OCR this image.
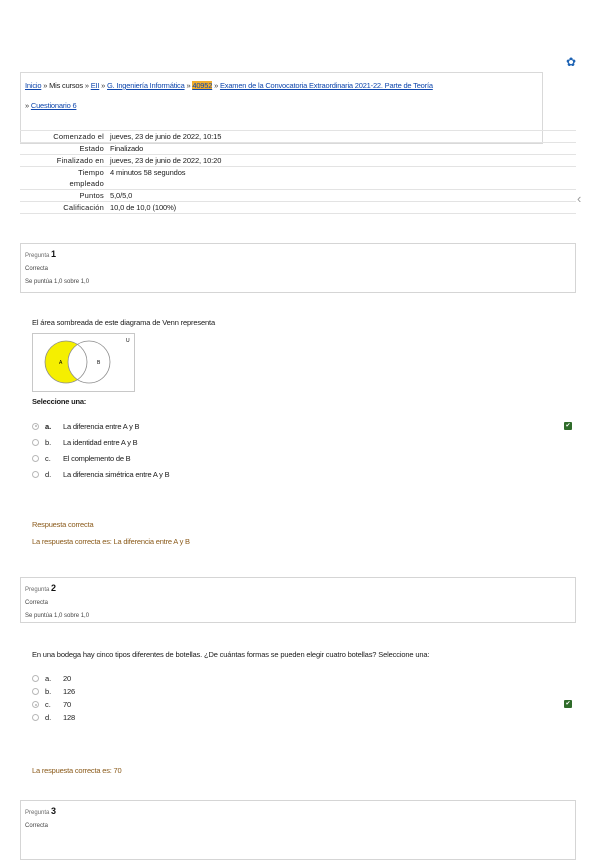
✿
‹
Inicio » Mis cursos » EII » G. Ingeniería Informática » 40952 » Examen de la Convocatoria Extraordinaria 2021-22. Parte de Teoría
» Cuestionario 6
Comenzado el jueves, 23 de junio de 2022, 10:15
Estado Finalizado
Finalizado en jueves, 23 de junio de 2022, 10:20
Tiempo
empleado
4 minutos 58 segundos
Puntos 5,0/5,0
Calificación 10,0 de 10,0 (100%)
Pregunta 1
Correcta
Se puntúa 1,0 sobre 1,0
El área sombreada de este diagrama de Venn representa
A	B
U
Seleccione una:
a.	La diferencia entre A y B	✔
b.	La identidad entre A y B
c.	El complemento de B
d.	La diferencia simétrica entre A y B
Respuesta correcta
La respuesta correcta es: La diferencia entre A y B
Pregunta 2
Correcta
Se puntúa 1,0 sobre 1,0
En una bodega hay cinco tipos diferentes de botellas. ¿De cuántas formas se pueden elegir cuatro botellas? Seleccione una:
a.	20
b.	126
c.	70	✔
d.	128
La respuesta correcta es: 70
Pregunta 3
Correcta
